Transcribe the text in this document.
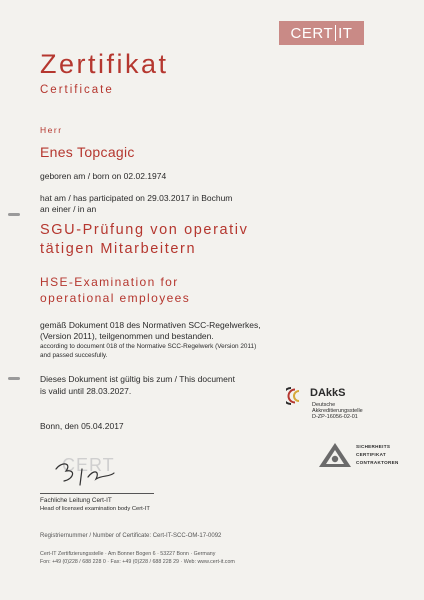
CERT IT
Zertifikat
Certificate
Herr
Enes Topcagic
geboren am / born on 02.02.1974
hat am / has participated on 29.03.2017 in Bochum
an einer / in an
SGU-Prüfung von operativ
tätigen Mitarbeitern
HSE-Examination for
operational employees
gemäß Dokument 018 des Normativen SCC-Regelwerkes,
(Version 2011), teilgenommen und bestanden.
according to document 018 of the Normative SCC-Regelwerk (Version 2011)
and passed succesfully.
Dieses Dokument ist gültig bis zum / This document
is valid until 28.03.2027.
Bonn, den 05.04.2017
DAkkS
Deutsche
Akkreditierungsstelle
D-ZP-16056-02-01
SICHERHEITS
CERTIFIKAT
CONTRAKTOREN
CERT
Fachliche Leitung Cert-IT
Head of licensed examination body Cert-IT
Registriernummer / Number of Certificate: Cert-IT-SCC-OM-17-0092
Cert-IT Zertifizierungsstelle · Am Bonner Bogen 6 · 53227 Bonn · Germany
Fon: +49 (0)228 / 688 228 0 · Fax: +49 (0)228 / 688 228 29 · Web: www.cert-it.com
